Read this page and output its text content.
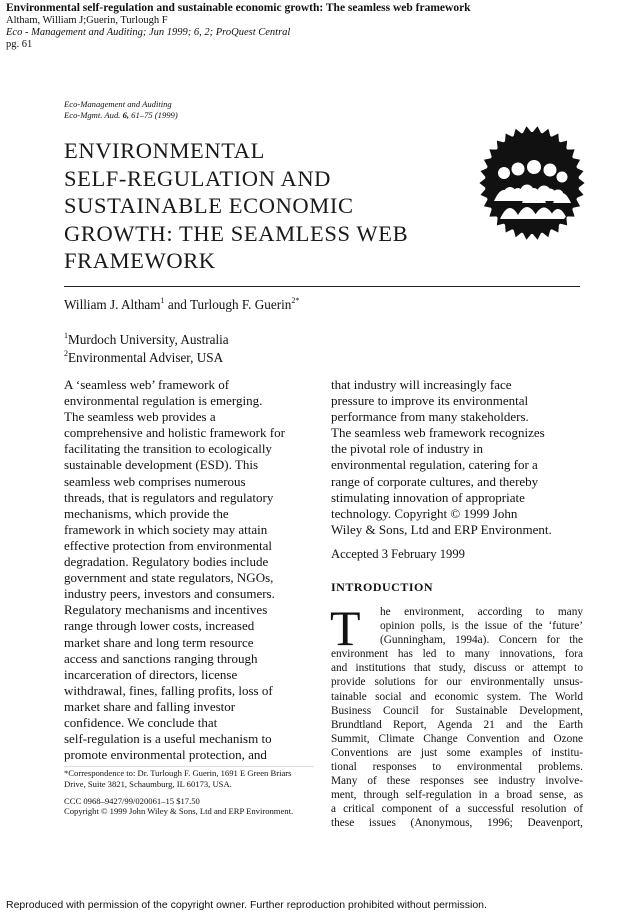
Environmental self-regulation and sustainable economic growth: The seamless web framework
Altham, William J;Guerin, Turlough F
Eco - Management and Auditing; Jun 1999; 6, 2; ProQuest Central
pg. 61
Eco-Management and Auditing
Eco-Mgmt. Aud. 6, 61–75 (1999)
ENVIRONMENTAL
SELF-REGULATION AND
SUSTAINABLE ECONOMIC
GROWTH: THE SEAMLESS WEB
FRAMEWORK
William J. Altham$^1$ and Turlough F. Guerin$^{2*}$
$^1$Murdoch University, Australia
$^2$Environmental Adviser, USA
A ‘seamless web’ framework of
environmental regulation is emerging.
The seamless web provides a
comprehensive and holistic framework for
facilitating the transition to ecologically
sustainable development (ESD). This
seamless web comprises numerous
threads, that is regulators and regulatory
mechanisms, which provide the
framework in which society may attain
effective protection from environmental
degradation. Regulatory bodies include
government and state regulators, NGOs,
industry peers, investors and consumers.
Regulatory mechanisms and incentives
range through lower costs, increased
market share and long term resource
access and sanctions ranging through
incarceration of directors, license
withdrawal, fines, falling profits, loss of
market share and falling investor
confidence. We conclude that
self-regulation is a useful mechanism to
promote environmental protection, and
that industry will increasingly face
pressure to improve its environmental
performance from many stakeholders.
The seamless web framework recognizes
the pivotal role of industry in
environmental regulation, catering for a
range of corporate cultures, and thereby
stimulating innovation of appropriate
technology. Copyright © 1999 John
Wiley & Sons, Ltd and ERP Environment.
Accepted 3 February 1999
INTRODUCTION
T	he environment, according to many
opinion polls, is the issue of the ‘future’
(Gunningham, 1994a). Concern for the
environment has led to many innovations, fora
and institutions that study, discuss or attempt to
provide solutions for our environmentally unsus-
tainable social and economic system. The World
Business Council for Sustainable Development,
Brundtland Report, Agenda 21 and the Earth
Summit, Climate Change Convention and Ozone
Conventions are just some examples of institu-
tional responses to environmental problems.
Many of these responses see industry involve-
ment, through self-regulation in a broad sense, as
a critical component of a successful resolution of
these issues (Anonymous, 1996; Deavenport,
*Correspondence to: Dr. Turlough F. Guerin, 1691 E Green Briars
Drive, Suite 3821, Schaumburg, IL 60173, USA.
CCC 0968–9427/99/020061–15 $17.50
Copyright © 1999 John Wiley & Sons, Ltd and ERP Environment.
Reproduced with permission of the copyright owner. Further reproduction prohibited without permission.
